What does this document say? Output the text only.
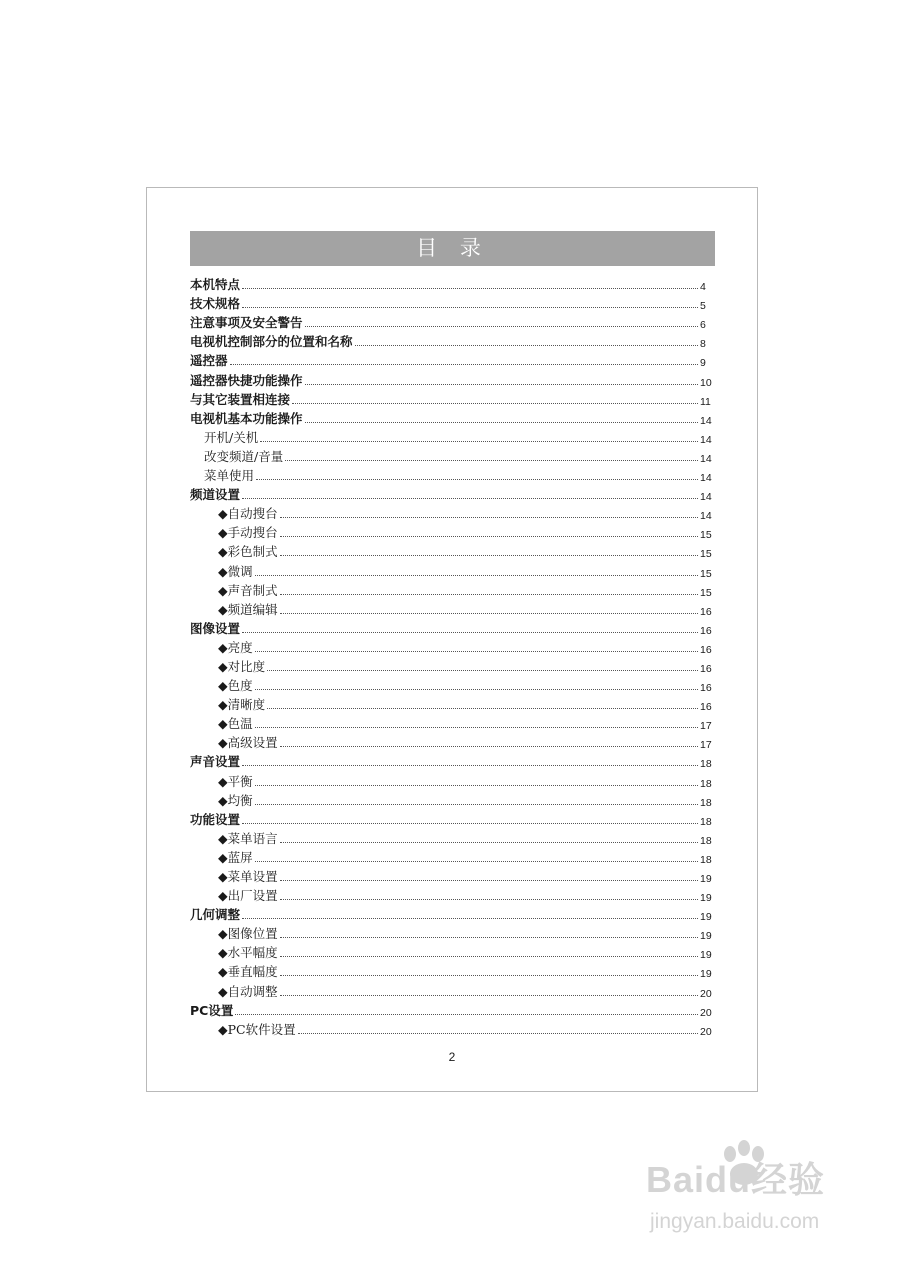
目 录
本机特点	4
技术规格	5
注意事项及安全警告	6
电视机控制部分的位置和名称	8
遥控器	9
遥控器快捷功能操作	10
与其它装置相连接	11
电视机基本功能操作	14
开机/关机	14
改变频道/音量	14
菜单使用	14
频道设置	14
◆自动搜台	14
◆手动搜台	15
◆彩色制式	15
◆微调	15
◆声音制式	15
◆频道编辑	16
图像设置	16
◆亮度	16
◆对比度	16
◆色度	16
◆清晰度	16
◆色温	17
◆高级设置	17
声音设置	18
◆平衡	18
◆均衡	18
功能设置	18
◆菜单语言	18
◆蓝屏	18
◆菜单设置	19
◆出厂设置	19
几何调整	19
◆图像位置	19
◆水平幅度	19
◆垂直幅度	19
◆自动调整	20
PC设置	20
◆PC软件设置	20
2
Baidu经验
jingyan.baidu.com
